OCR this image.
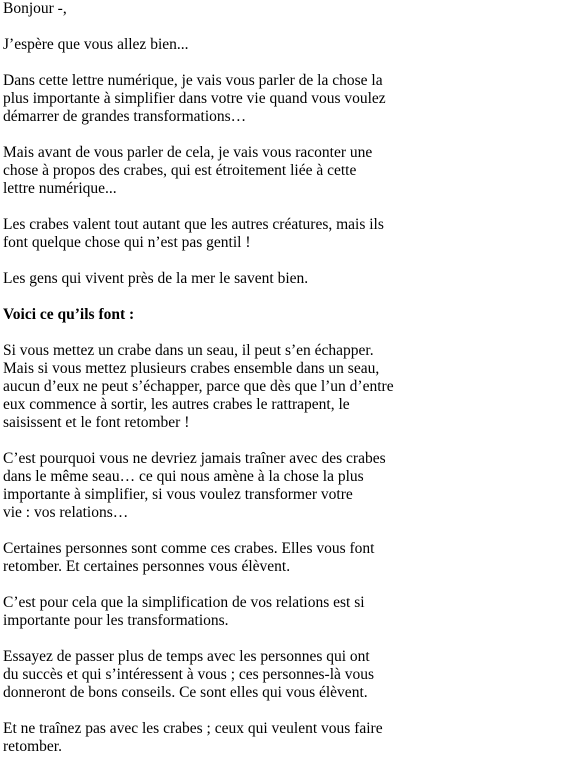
Bonjour -,
J’espère que vous allez bien...
Dans cette lettre numérique, je vais vous parler de la chose la
plus importante à simplifier dans votre vie quand vous voulez
démarrer de grandes transformations…
Mais avant de vous parler de cela, je vais vous raconter une
chose à propos des crabes, qui est étroitement liée à cette
lettre numérique...
Les crabes valent tout autant que les autres créatures, mais ils
font quelque chose qui n’est pas gentil !
Les gens qui vivent près de la mer le savent bien.
Voici ce qu’ils font :
Si vous mettez un crabe dans un seau, il peut s’en échapper.
Mais si vous mettez plusieurs crabes ensemble dans un seau,
aucun d’eux ne peut s’échapper, parce que dès que l’un d’entre
eux commence à sortir, les autres crabes le rattrapent, le
saisissent et le font retomber !
C’est pourquoi vous ne devriez jamais traîner avec des crabes
dans le même seau… ce qui nous amène à la chose la plus
importante à simplifier, si vous voulez transformer votre
vie : vos relations…
Certaines personnes sont comme ces crabes. Elles vous font
retomber. Et certaines personnes vous élèvent.
C’est pour cela que la simplification de vos relations est si
importante pour les transformations.
Essayez de passer plus de temps avec les personnes qui ont
du succès et qui s’intéressent à vous ; ces personnes-là vous
donneront de bons conseils. Ce sont elles qui vous élèvent.
Et ne traînez pas avec les crabes ; ceux qui veulent vous faire
retomber.
